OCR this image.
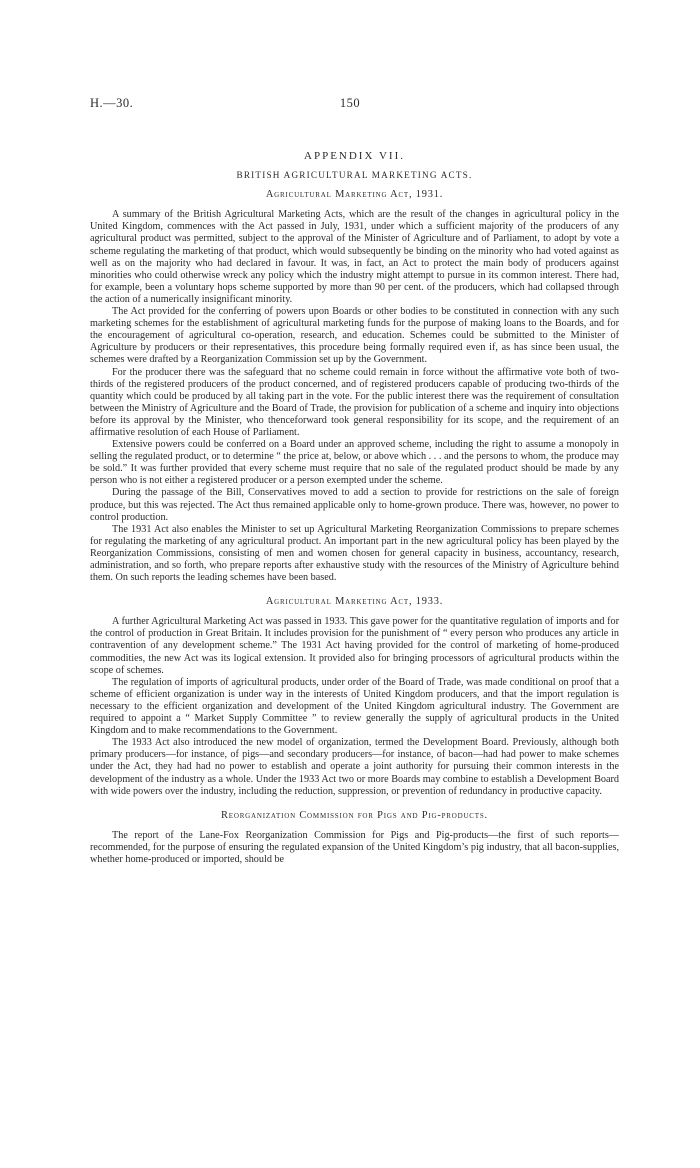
H.—30.	150
APPENDIX VII.
BRITISH AGRICULTURAL MARKETING ACTS.
Agricultural Marketing Act, 1931.

A summary of the British Agricultural Marketing Acts, which are the result of the changes in agricultural policy in the United Kingdom, commences with the Act passed in July, 1931, under which a sufficient majority of the producers of any agricultural product was permitted, subject to the approval of the Minister of Agriculture and of Parliament, to adopt by vote a scheme regulating the marketing of that product, which would subsequently be binding on the minority who had voted against as well as on the majority who had declared in favour. It was, in fact, an Act to protect the main body of producers against minorities who could otherwise wreck any policy which the industry might attempt to pursue in its common interest. There had, for example, been a voluntary hops scheme supported by more than 90 per cent. of the producers, which had collapsed through the action of a numerically insignificant minority.

The Act provided for the conferring of powers upon Boards or other bodies to be constituted in connection with any such marketing schemes for the establishment of agricultural marketing funds for the purpose of making loans to the Boards, and for the encouragement of agricultural co-operation, research, and education. Schemes could be submitted to the Minister of Agriculture by producers or their representatives, this procedure being formally required even if, as has since been usual, the schemes were drafted by a Reorganization Commission set up by the Government.

For the producer there was the safeguard that no scheme could remain in force without the affirmative vote both of two-thirds of the registered producers of the product concerned, and of registered producers capable of producing two-thirds of the quantity which could be produced by all taking part in the vote. For the public interest there was the requirement of consultation between the Ministry of Agriculture and the Board of Trade, the provision for publication of a scheme and inquiry into objections before its approval by the Minister, who thenceforward took general responsibility for its scope, and the requirement of an affirmative resolution of each House of Parliament.

Extensive powers could be conferred on a Board under an approved scheme, including the right to assume a monopoly in selling the regulated product, or to determine “ the price at, below, or above which . . . and the persons to whom, the produce may be sold.” It was further provided that every scheme must require that no sale of the regulated product should be made by any person who is not either a registered producer or a person exempted under the scheme.

During the passage of the Bill, Conservatives moved to add a section to provide for restrictions on the sale of foreign produce, but this was rejected. The Act thus remained applicable only to home-grown produce. There was, however, no power to control production.

The 1931 Act also enables the Minister to set up Agricultural Marketing Reorganization Commissions to prepare schemes for regulating the marketing of any agricultural product. An important part in the new agricultural policy has been played by the Reorganization Commissions, consisting of men and women chosen for general capacity in business, accountancy, research, administration, and so forth, who prepare reports after exhaustive study with the resources of the Ministry of Agriculture behind them. On such reports the leading schemes have been based.

Agricultural Marketing Act, 1933.

A further Agricultural Marketing Act was passed in 1933. This gave power for the quantitative regulation of imports and for the control of production in Great Britain. It includes provision for the punishment of “ every person who produces any article in contravention of any development scheme.” The 1931 Act having provided for the control of marketing of home-produced commodities, the new Act was its logical extension. It provided also for bringing processors of agricultural products within the scope of schemes.

The regulation of imports of agricultural products, under order of the Board of Trade, was made conditional on proof that a scheme of efficient organization is under way in the interests of United Kingdom producers, and that the import regulation is necessary to the efficient organization and development of the United Kingdom agricultural industry. The Government are required to appoint a “ Market Supply Committee ” to review generally the supply of agricultural products in the United Kingdom and to make recommendations to the Government.

The 1933 Act also introduced the new model of organization, termed the Development Board. Previously, although both primary producers—for instance, of pigs—and secondary producers—for instance, of bacon—had had power to make schemes under the Act, they had had no power to establish and operate a joint authority for pursuing their common interests in the development of the industry as a whole. Under the 1933 Act two or more Boards may combine to establish a Development Board with wide powers over the industry, including the reduction, suppression, or prevention of redundancy in productive capacity.

Reorganization Commission for Pigs and Pig-products.

The report of the Lane-Fox Reorganization Commission for Pigs and Pig-products—the first of such reports—recommended, for the purpose of ensuring the regulated expansion of the United Kingdom’s pig industry, that all bacon-supplies, whether home-produced or imported, should be
